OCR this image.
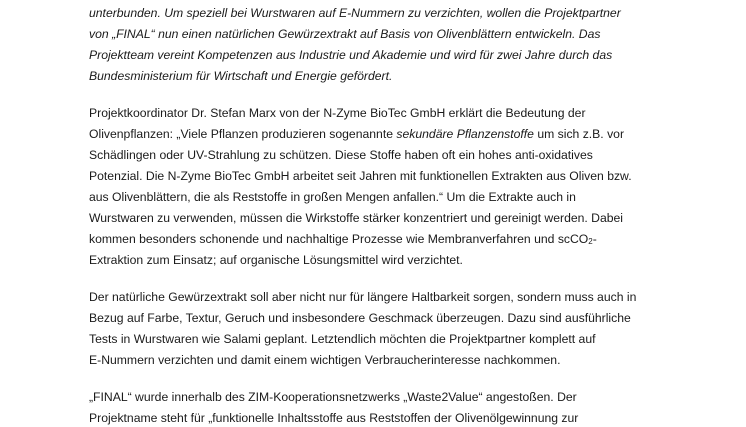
unterbunden. Um speziell bei Wurstwaren auf E-Nummern zu verzichten, wollen die Projektpartner
von „FINAL“ nun einen natürlichen Gewürzextrakt auf Basis von Olivenblättern entwickeln. Das
Projektteam vereint Kompetenzen aus Industrie und Akademie und wird für zwei Jahre durch das
Bundesministerium für Wirtschaft und Energie gefördert.
Projektkoordinator Dr. Stefan Marx von der N-Zyme BioTec GmbH erklärt die Bedeutung der
Olivenpflanzen: „Viele Pflanzen produzieren sogenannte sekundäre Pflanzenstoffe um sich z.B. vor
Schädlingen oder UV-Strahlung zu schützen. Diese Stoffe haben oft ein hohes anti-oxidatives
Potenzial. Die N-Zyme BioTec GmbH arbeitet seit Jahren mit funktionellen Extrakten aus Oliven bzw.
aus Olivenblättern, die als Reststoffe in großen Mengen anfallen.“ Um die Extrakte auch in
Wurstwaren zu verwenden, müssen die Wirkstoffe stärker konzentriert und gereinigt werden. Dabei
kommen besonders schonende und nachhaltige Prozesse wie Membranverfahren und scCO$_2$-
Extraktion zum Einsatz; auf organische Lösungsmittel wird verzichtet.
Der natürliche Gewürzextrakt soll aber nicht nur für längere Haltbarkeit sorgen, sondern muss auch in
Bezug auf Farbe, Textur, Geruch und insbesondere Geschmack überzeugen. Dazu sind ausführliche
Tests in Wurstwaren wie Salami geplant. Letztendlich möchten die Projektpartner komplett auf
E-Nummern verzichten und damit einem wichtigen Verbraucherinteresse nachkommen.
„FINAL“ wurde innerhalb des ZIM-Kooperationsnetzwerks „Waste2Value“ angestoßen. Der
Projektname steht für „funktionelle Inhaltsstoffe aus Reststoffen der Olivenölgewinnung zur
